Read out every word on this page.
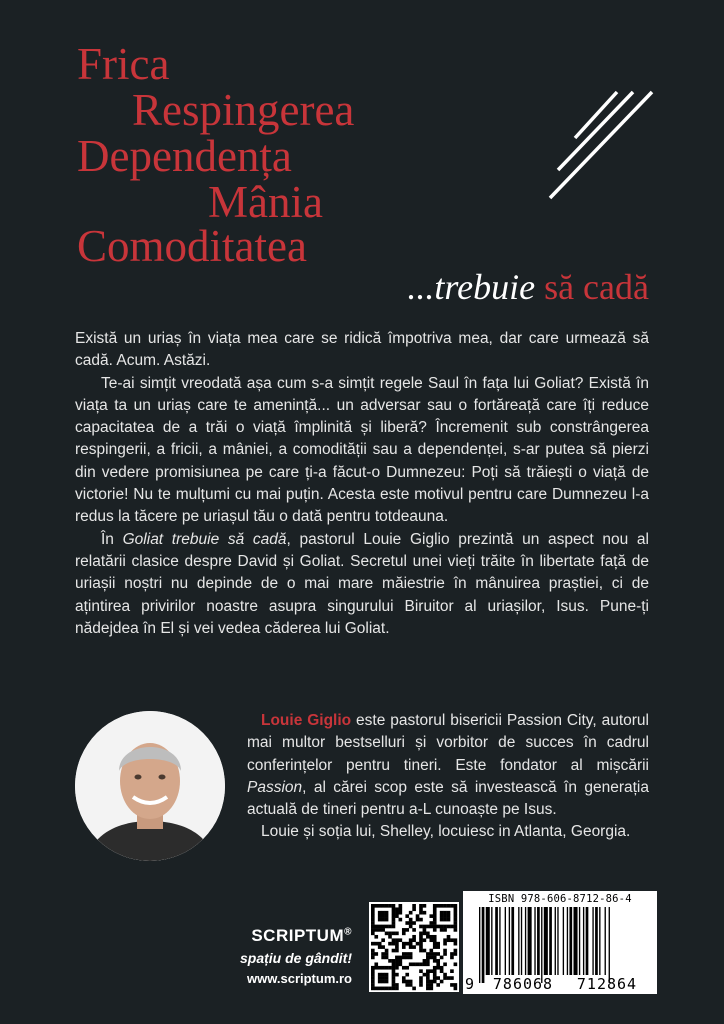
Frica
Respingerea
Dependența
Mânia
Comoditatea
...trebuie să cadă

Există un uriaș în viața mea care se ridică împotriva mea, dar care urmează să cadă. Acum. Astăzi.

Te-ai simțit vreodată așa cum s-a simțit regele Saul în fața lui Goliat? Există în viața ta un uriaș care te amenință... un adversar sau o fortăreață care îți reduce capacitatea de a trăi o viață împlinită și liberă? Încremenit sub constrângerea respingerii, a fricii, a mâniei, a comodității sau a dependenței, s-ar putea să pierzi din vedere promisiunea pe care ți-a făcut-o Dumnezeu: Poți să trăiești o viață de victorie! Nu te mulțumi cu mai puțin. Acesta este motivul pentru care Dumnezeu l-a redus la tăcere pe uriașul tău o dată pentru totdeauna.

În Goliat trebuie să cadă, pastorul Louie Giglio prezintă un aspect nou al relatării clasice despre David și Goliat. Secretul unei vieți trăite în libertate față de uriașii noștri nu depinde de o mai mare măiestrie în mânuirea praștiei, ci de ațintirea privirilor noastre asupra singurului Biruitor al uriașilor, Isus. Pune-ți nădejdea în El și vei vedea căderea lui Goliat.

Louie Giglio este pastorul bisericii Passion City, autorul mai multor bestselluri și vorbitor de succes în cadrul conferințelor pentru tineri. Este fondator al mișcării Passion, al cărei scop este să investească în generația actuală de tineri pentru a-L cunoaște pe Isus.

Louie și soția lui, Shelley, locuiesc in Atlanta, Georgia.

SCRIPTUM®
spațiu de gândit!
www.scriptum.ro
ISBN 978-606-8712-86-4
9	786068	712864
